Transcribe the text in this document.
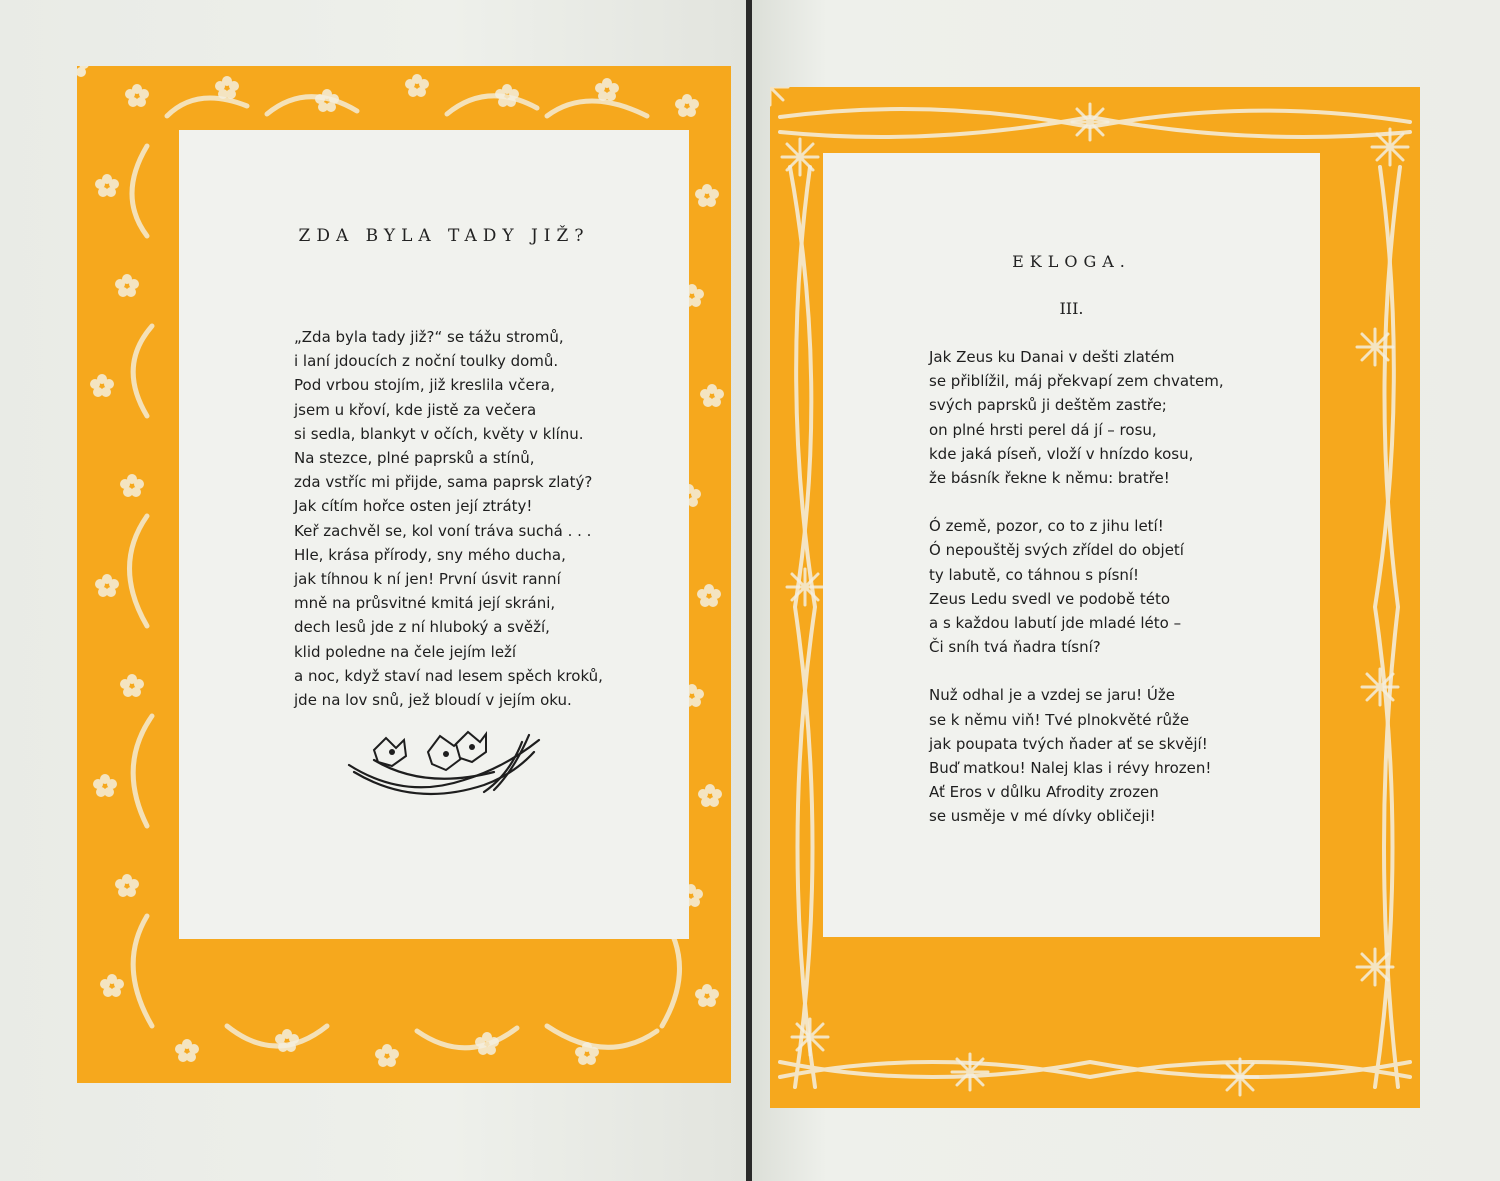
ZDA BYLA TADY JIŽ?
„Zda byla tady již?“ se tážu stromů,
i laní jdoucích z noční toulky domů.
Pod vrbou stojím, již kreslila včera,
jsem u křoví, kde jistě za večera
si sedla, blankyt v očích, květy v klínu.
Na stezce, plné paprsků a stínů,
zda vstříc mi přijde, sama paprsk zlatý?
Jak cítím hořce osten její ztráty!
Keř zachvěl se, kol voní tráva suchá . . .
Hle, krása přírody, sny mého ducha,
jak tíhnou k ní jen! První úsvit ranní
mně na průsvitné kmitá její skráni,
dech lesů jde z ní hluboký a svěží,
klid poledne na čele jejím leží
a noc, když staví nad lesem spěch kroků,
jde na lov snů, jež bloudí v jejím oku.
EKLOGA.
III.
Jak Zeus ku Danai v dešti zlatém
se přiblížil, máj překvapí zem chvatem,
svých paprsků ji deštěm zastře;
on plné hrsti perel dá jí – rosu,
kde jaká píseň, vloží v hnízdo kosu,
že básník řekne k němu: bratře!
Ó země, pozor, co to z jihu letí!
Ó nepouštěj svých zřídel do objetí
ty labutě, co táhnou s písní!
Zeus Ledu svedl ve podobě této
a s každou labutí jde mladé léto –
Či sníh tvá ňadra tísní?
Nuž odhal je a vzdej se jaru! Úže
se k němu viň! Tvé plnokvěté růže
jak poupata tvých ňader ať se skvějí!
Buď matkou! Nalej klas i révy hrozen!
Ať Eros v důlku Afrodity zrozen
se usměje v mé dívky obličeji!
